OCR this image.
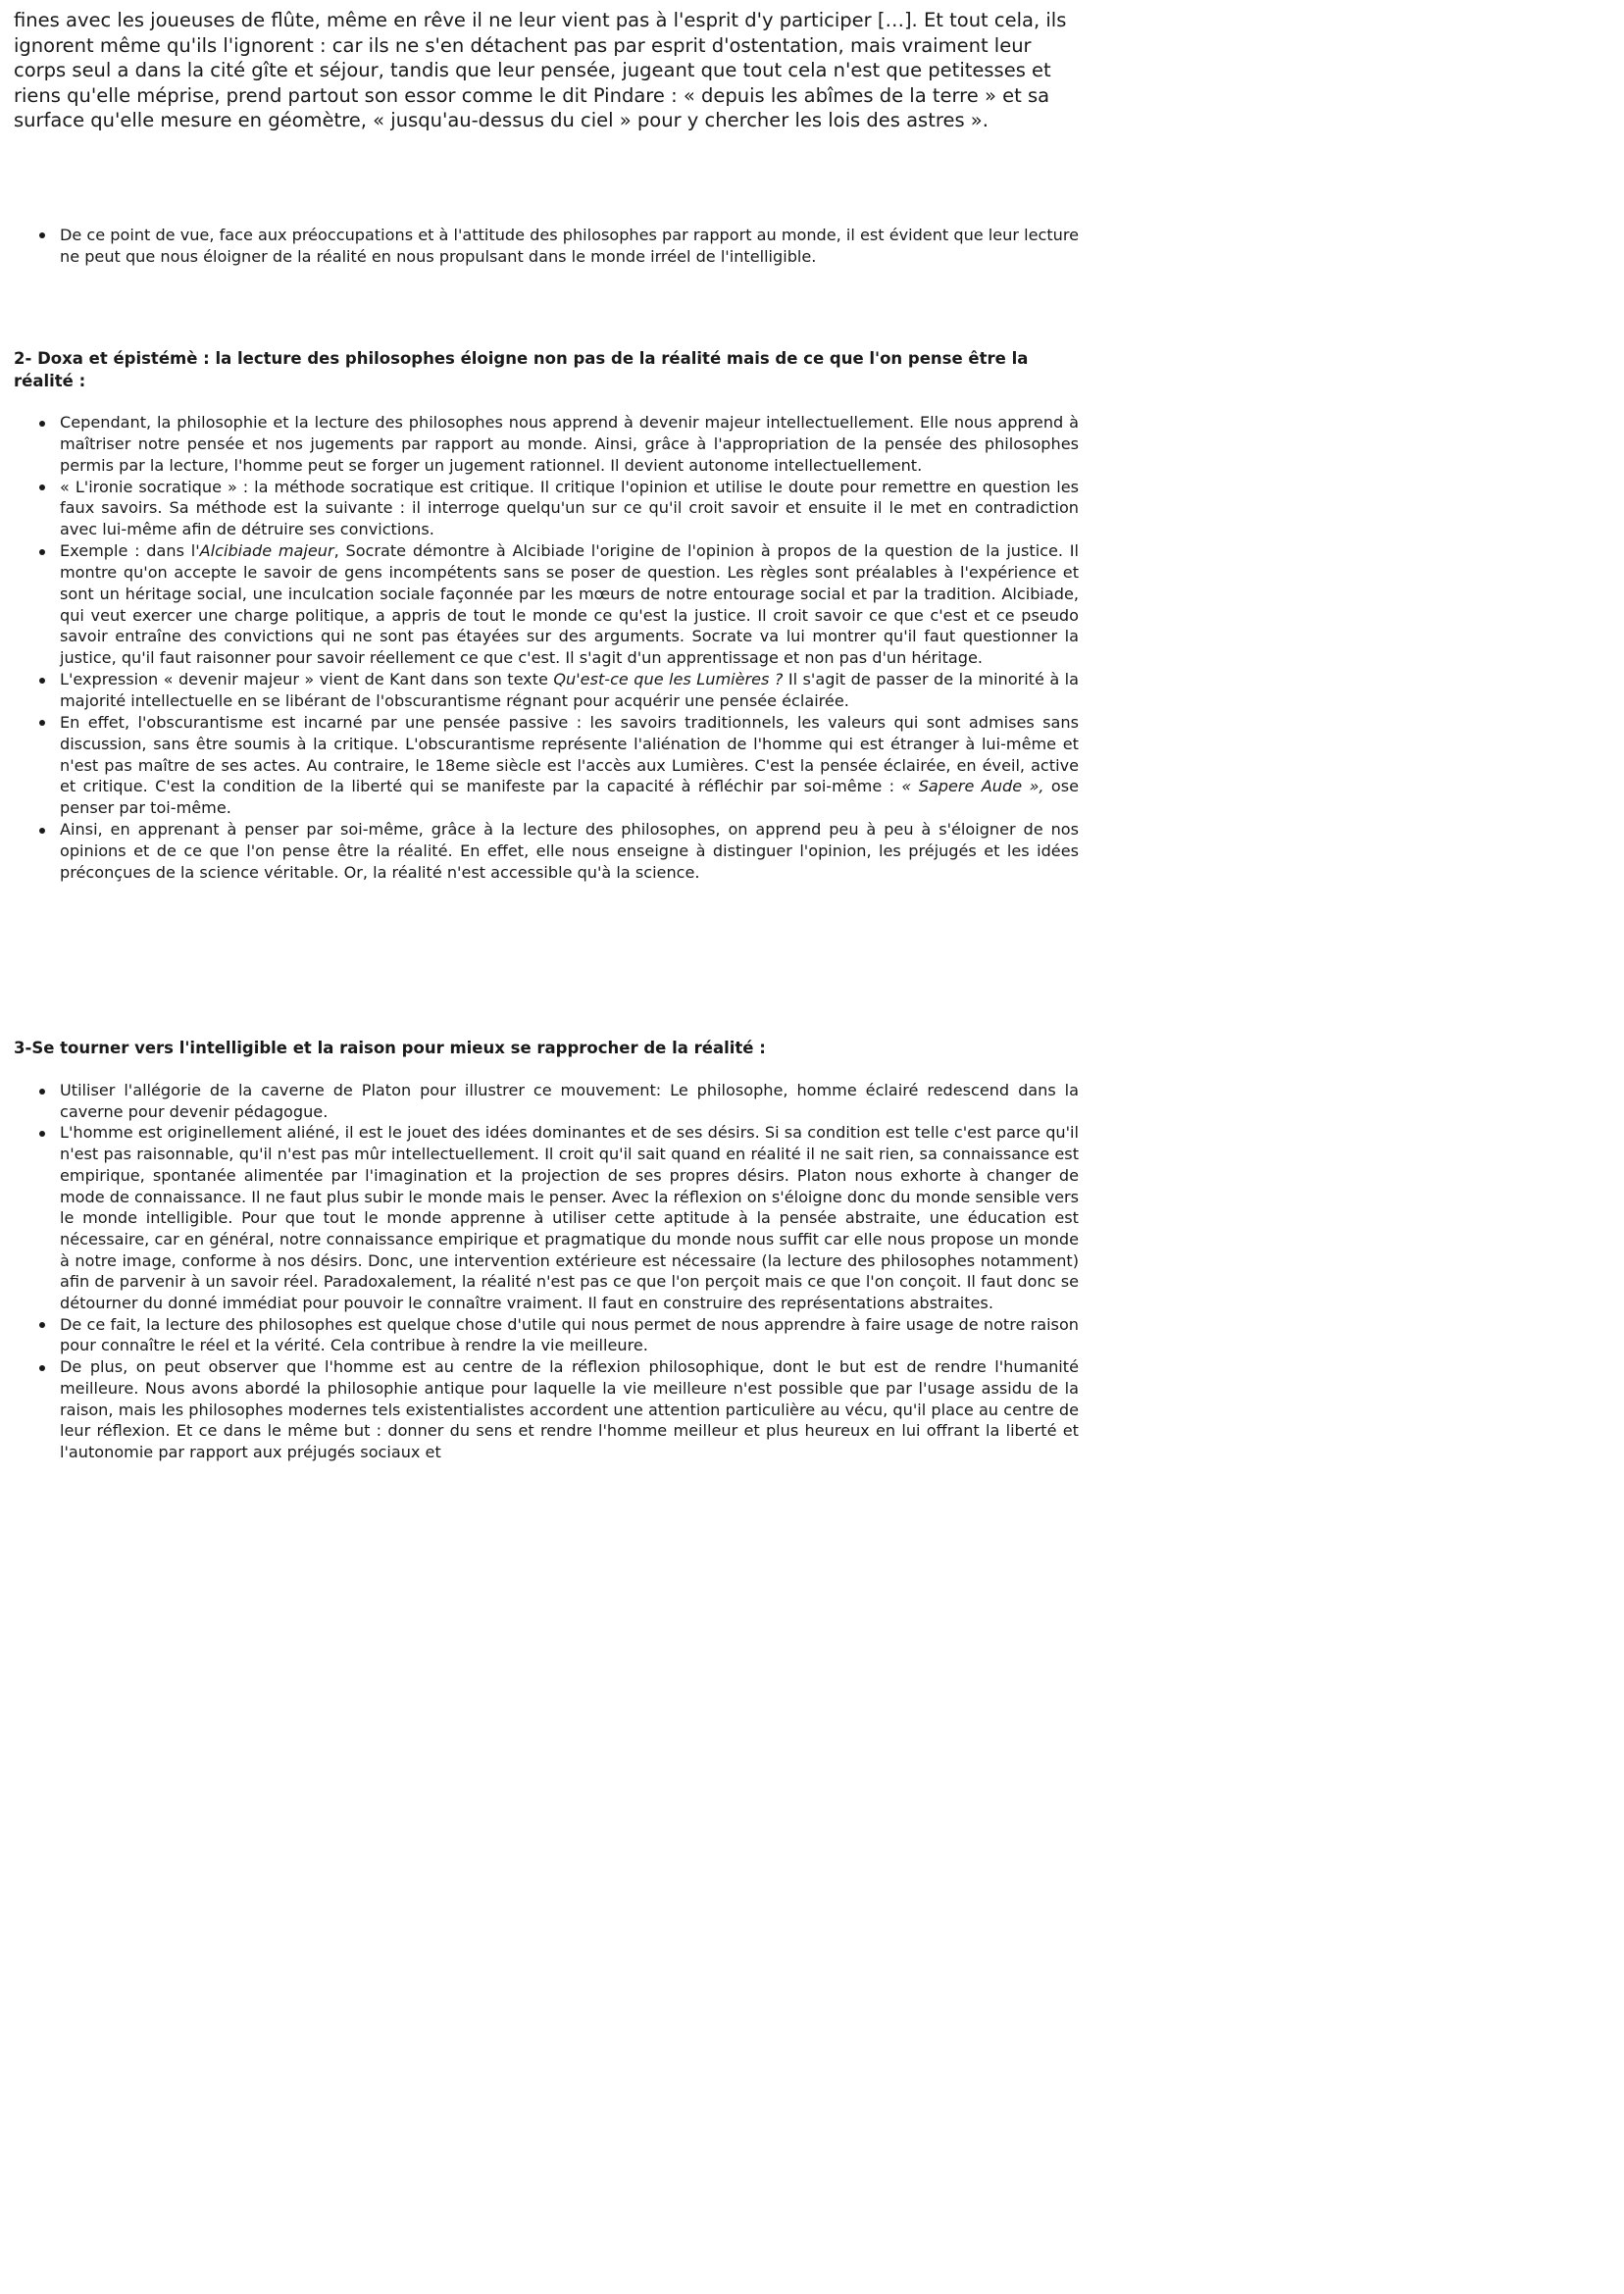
fines avec les joueuses de flûte, même en rêve il ne leur vient pas à l'esprit d'y participer […]. Et tout cela, ils ignorent même qu'ils l'ignorent : car ils ne s'en détachent pas par esprit d'ostentation, mais vraiment leur corps seul a dans la cité gîte et séjour, tandis que leur pensée, jugeant que tout cela n'est que petitesses et riens qu'elle méprise, prend partout son essor comme le dit Pindare : « depuis les abîmes de la terre » et sa surface qu'elle mesure en géomètre, « jusqu'au-dessus du ciel » pour y chercher les lois des astres ».

De ce point de vue, face aux préoccupations et à l'attitude des philosophes par rapport au monde, il est évident que leur lecture ne peut que nous éloigner de la réalité en nous propulsant dans le monde irréel de l'intelligible.

2- Doxa et épistémè : la lecture des philosophes éloigne non pas de la réalité mais de ce que l'on pense être la réalité :

Cependant, la philosophie et la lecture des philosophes nous apprend à devenir majeur intellectuellement. Elle nous apprend à maîtriser notre pensée et nos jugements par rapport au monde. Ainsi, grâce à l'appropriation de la pensée des philosophes permis par la lecture, l'homme peut se forger un jugement rationnel. Il devient autonome intellectuellement.
« L'ironie socratique » : la méthode socratique est critique. Il critique l'opinion et utilise le doute pour remettre en question les faux savoirs. Sa méthode est la suivante : il interroge quelqu'un sur ce qu'il croit savoir et ensuite il le met en contradiction avec lui-même afin de détruire ses convictions.
Exemple : dans l'Alcibiade majeur, Socrate démontre à Alcibiade l'origine de l'opinion à propos de la question de la justice. Il montre qu'on accepte le savoir de gens incompétents sans se poser de question. Les règles sont préalables à l'expérience et sont un héritage social, une inculcation sociale façonnée par les mœurs de notre entourage social et par la tradition. Alcibiade, qui veut exercer une charge politique, a appris de tout le monde ce qu'est la justice. Il croit savoir ce que c'est et ce pseudo savoir entraîne des convictions qui ne sont pas étayées sur des arguments. Socrate va lui montrer qu'il faut questionner la justice, qu'il faut raisonner pour savoir réellement ce que c'est. Il s'agit d'un apprentissage et non pas d'un héritage.
L'expression « devenir majeur » vient de Kant dans son texte Qu'est-ce que les Lumières ? Il s'agit de passer de la minorité à la majorité intellectuelle en se libérant de l'obscurantisme régnant pour acquérir une pensée éclairée.
En effet, l'obscurantisme est incarné par une pensée passive : les savoirs traditionnels, les valeurs qui sont admises sans discussion, sans être soumis à la critique. L'obscurantisme représente l'aliénation de l'homme qui est étranger à lui-même et n'est pas maître de ses actes. Au contraire, le 18eme siècle est l'accès aux Lumières. C'est la pensée éclairée, en éveil, active et critique. C'est la condition de la liberté qui se manifeste par la capacité à réfléchir par soi-même : « Sapere Aude », ose penser par toi-même.
Ainsi, en apprenant à penser par soi-même, grâce à la lecture des philosophes, on apprend peu à peu à s'éloigner de nos opinions et de ce que l'on pense être la réalité. En effet, elle nous enseigne à distinguer l'opinion, les préjugés et les idées préconçues de la science véritable. Or, la réalité n'est accessible qu'à la science.

3-Se tourner vers l'intelligible et la raison pour mieux se rapprocher de la réalité :

Utiliser l'allégorie de la caverne de Platon pour illustrer ce mouvement: Le philosophe, homme éclairé redescend dans la caverne pour devenir pédagogue.
L'homme est originellement aliéné, il est le jouet des idées dominantes et de ses désirs. Si sa condition est telle c'est parce qu'il n'est pas raisonnable, qu'il n'est pas mûr intellectuellement. Il croit qu'il sait quand en réalité il ne sait rien, sa connaissance est empirique, spontanée alimentée par l'imagination et la projection de ses propres désirs. Platon nous exhorte à changer de mode de connaissance. Il ne faut plus subir le monde mais le penser. Avec la réflexion on s'éloigne donc du monde sensible vers le monde intelligible. Pour que tout le monde apprenne à utiliser cette aptitude à la pensée abstraite, une éducation est nécessaire, car en général, notre connaissance empirique et pragmatique du monde nous suffit car elle nous propose un monde à notre image, conforme à nos désirs. Donc, une intervention extérieure est nécessaire (la lecture des philosophes notamment) afin de parvenir à un savoir réel. Paradoxalement, la réalité n'est pas ce que l'on perçoit mais ce que l'on conçoit. Il faut donc se détourner du donné immédiat pour pouvoir le connaître vraiment. Il faut en construire des représentations abstraites.
De ce fait, la lecture des philosophes est quelque chose d'utile qui nous permet de nous apprendre à faire usage de notre raison pour connaître le réel et la vérité. Cela contribue à rendre la vie meilleure.
De plus, on peut observer que l'homme est au centre de la réflexion philosophique, dont le but est de rendre l'humanité meilleure. Nous avons abordé la philosophie antique pour laquelle la vie meilleure n'est possible que par l'usage assidu de la raison, mais les philosophes modernes tels existentialistes accordent une attention particulière au vécu, qu'il place au centre de leur réflexion. Et ce dans le même but : donner du sens et rendre l'homme meilleur et plus heureux en lui offrant la liberté et l'autonomie par rapport aux préjugés sociaux et
